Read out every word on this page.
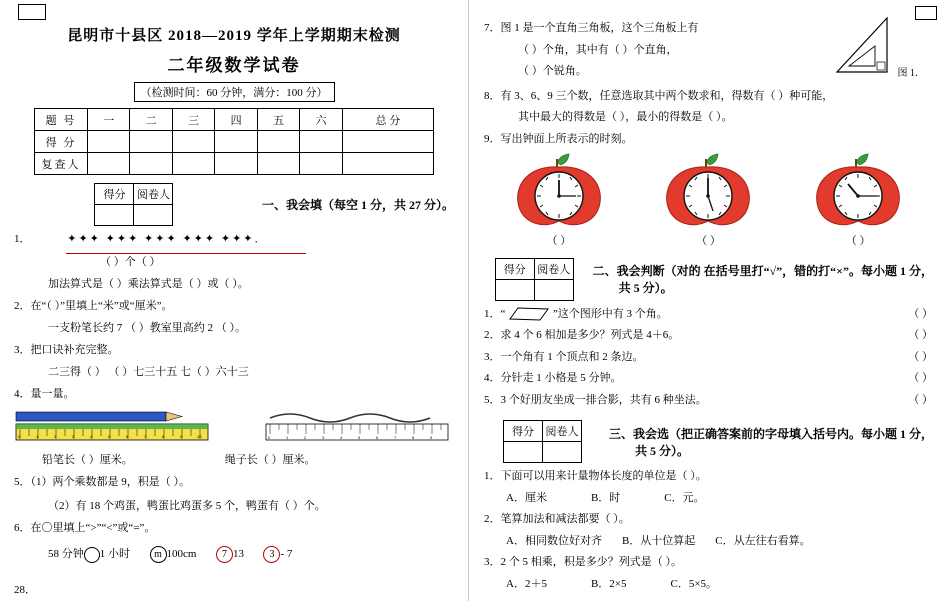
昆明市十县区 2018—2019 学年上学期期末检测
二年级数学试卷
（检测时间：60 分钟，满分：100 分）
题 号	一	二	三	四	五	六	总 分
得 分							
复查人							
得分	阅卷人

一、我会填（每空 1 分，共 27 分）。
1．	✦✦✦ ✦✦✦ ✦✦✦ ✦✦✦ ✦✦✦．
（ ）个（ ）
加法算式是（ ）乘法算式是（ ）或（ ）。
2．在“（ ）”里填上“米”或“厘米”。
一支粉笔长约 7 （ ）教室里高约 2 （ ）。
3．把口诀补充完整。
二三得（ ） （ ）七三十五 七（ ）六十三
4．量一量。
0	1	2	3	4	5	6	7	8	9	10	0	1	2	3	4	5	6	7	8	9
铅笔长（ ）厘米。	绳子长（ ）厘米。
5．（1）两个乘数都是 9，积是（ ）。
（2）有 18 个鸡蛋，鸭蛋比鸡蛋多 5 个，鸭蛋有（ ）个。
6．在〇里填上“>”“<”或“=”。
58 分钟 1 小时 m 100cm	7 13	3 - 7
28．
7．图 1 是一个直角三角板，这个三角板上有
（ ）个角，其中有（ ）个直角，
（ ）个锐角。	图 1．
8．有 3、6、9 三个数，任意选取其中两个数求和，得数有（ ）种可能，
其中最大的得数是（ ），最小的得数是（ ）。
9．写出钟面上所表示的时刻。
（ ）	（ ）	（ ）
得分	阅卷人
	二、我会判断（对的 在括号里打“√”，错的打“×”。每小题 1 分，
共 5 分）。
1．“	”这个图形中有 3 个角。	（ ）
2．求 4 个 6 相加是多少？列式是 4＋6。	（ ）
3．一个角有 1 个顶点和 2 条边。	（ ）
4．分针走 1 小格是 5 分钟。	（ ）
5．3 个好朋友坐成一排合影，共有 6 种坐法。	（ ）
得分	阅卷人
		三、我会选（把正确答案前的字母填入括号内。每小题 1 分，
共 5 分）。
1．下面可以用来计量物体长度的单位是（ ）。
A．厘米	B．时	C．元。
2．笔算加法和减法都要（ ）。
A．相同数位好对齐 B．从十位算起 C．从左往右看算。
3．2 个 5 相乘，积是多少？列式是（ ）。
A．2＋5	B．2×5	C．5×5。
